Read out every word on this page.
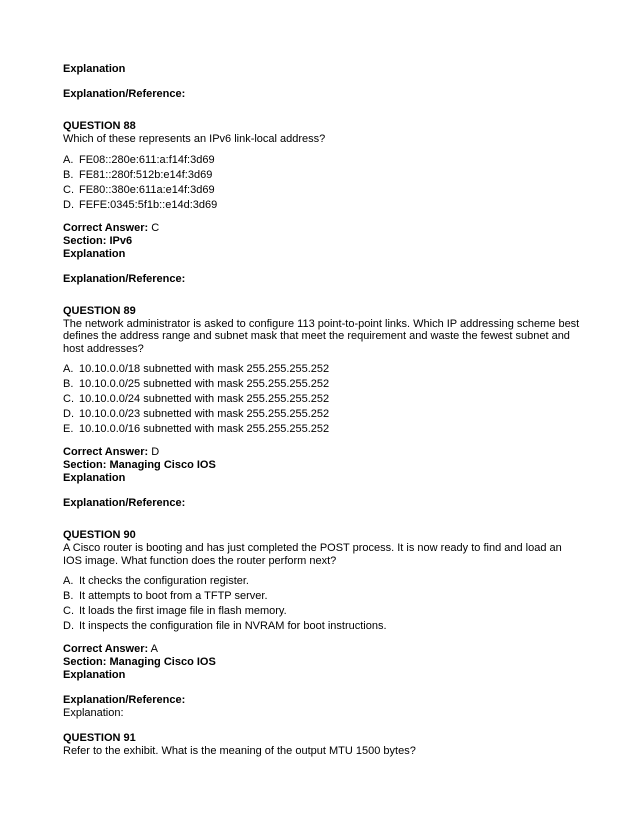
Explanation
Explanation/Reference:
QUESTION 88
Which of these represents an IPv6 link-local address?
A. FE08::280e:611:a:f14f:3d69
B. FE81::280f:512b:e14f:3d69
C. FE80::380e:611a:e14f:3d69
D. FEFE:0345:5f1b::e14d:3d69
Correct Answer: C
Section: IPv6
Explanation
Explanation/Reference:
QUESTION 89
The network administrator is asked to configure 113 point-to-point links. Which IP addressing scheme best defines the address range and subnet mask that meet the requirement and waste the fewest subnet and host addresses?
A. 10.10.0.0/18 subnetted with mask 255.255.255.252
B. 10.10.0.0/25 subnetted with mask 255.255.255.252
C. 10.10.0.0/24 subnetted with mask 255.255.255.252
D. 10.10.0.0/23 subnetted with mask 255.255.255.252
E. 10.10.0.0/16 subnetted with mask 255.255.255.252
Correct Answer: D
Section: Managing Cisco IOS
Explanation
Explanation/Reference:
QUESTION 90
A Cisco router is booting and has just completed the POST process. It is now ready to find and load an IOS image. What function does the router perform next?
A. It checks the configuration register.
B. It attempts to boot from a TFTP server.
C. It loads the first image file in flash memory.
D. It inspects the configuration file in NVRAM for boot instructions.
Correct Answer: A
Section: Managing Cisco IOS
Explanation
Explanation/Reference:
Explanation:
QUESTION 91
Refer to the exhibit. What is the meaning of the output MTU 1500 bytes?
